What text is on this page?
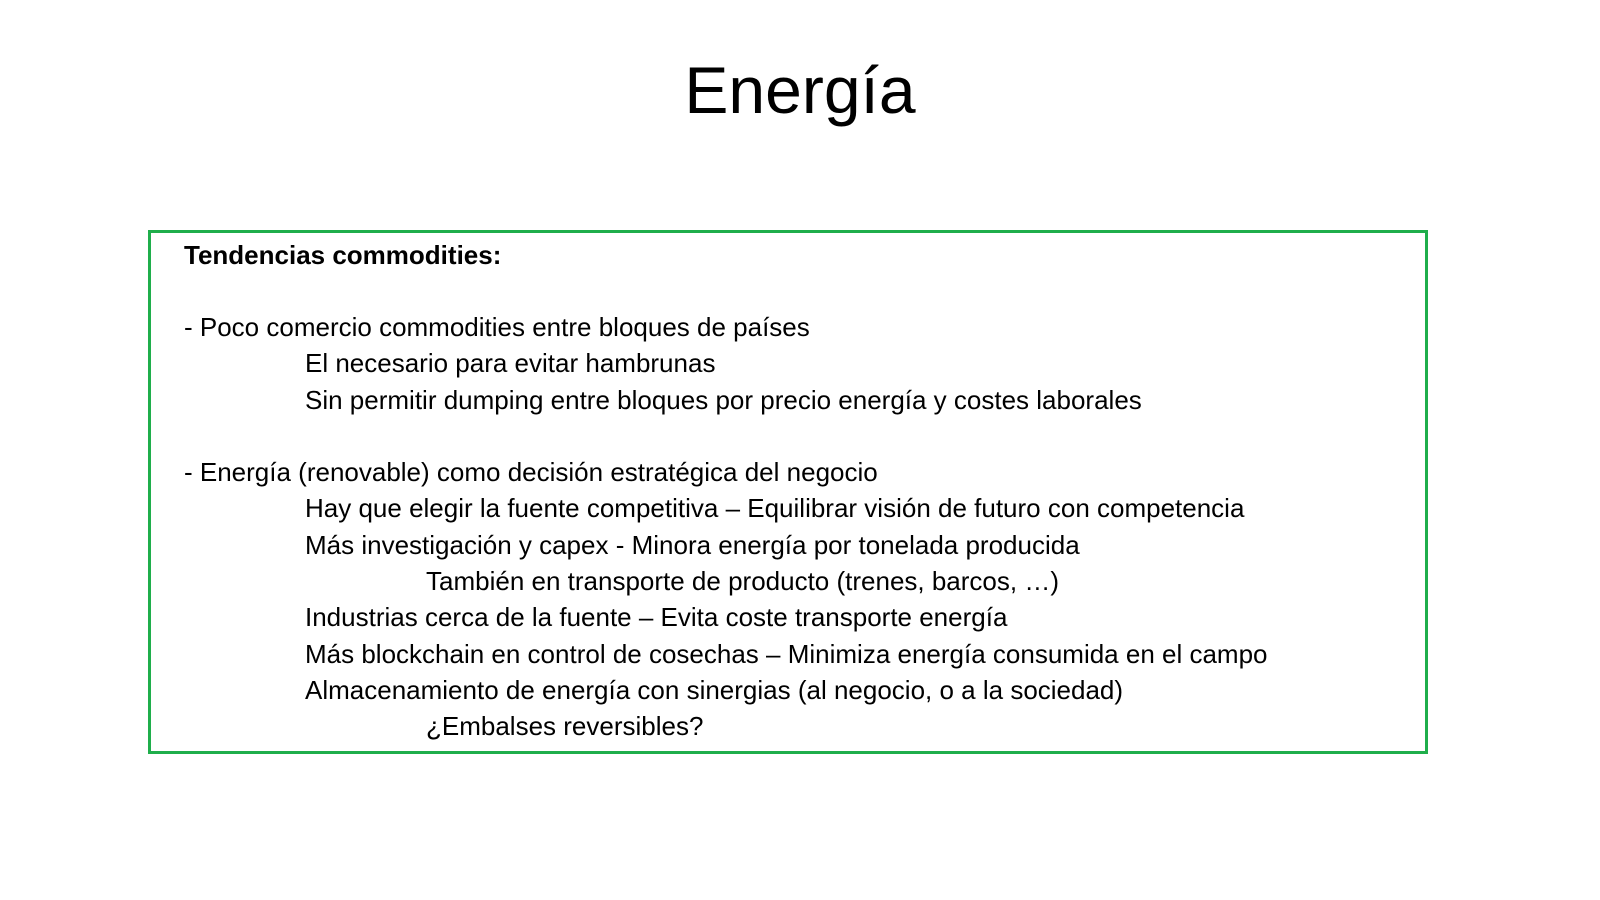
Energía
Tendencias commodities:
- Poco comercio commodities entre bloques de países
El necesario para evitar hambrunas
Sin permitir dumping entre bloques por precio energía y costes laborales
- Energía (renovable) como decisión estratégica del negocio
Hay que elegir la fuente competitiva – Equilibrar visión de futuro con competencia
Más investigación y capex - Minora energía por tonelada producida
También en transporte de producto (trenes, barcos, …)
Industrias cerca de la fuente – Evita coste transporte energía
Más blockchain en control de cosechas – Minimiza energía consumida en el campo
Almacenamiento de energía con sinergias (al negocio, o a la sociedad)
¿Embalses reversibles?
